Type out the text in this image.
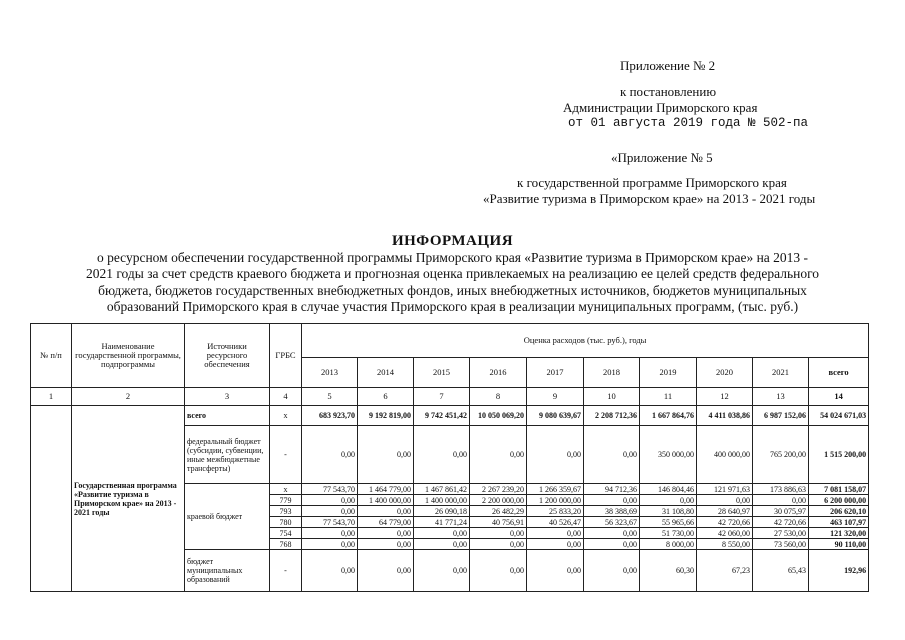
Приложение № 2
к постановлению
Администрации Приморского края
от 01 августа 2019 года № 502-па
«Приложение № 5
к государственной программе Приморского края
«Развитие туризма в Приморском крае» на 2013 - 2021 годы
ИНФОРМАЦИЯ
о ресурсном обеспечении государственной программы Приморского края «Развитие туризма в Приморском крае» на 2013 -
2021 годы за счет средств краевого бюджета и прогнозная оценка привлекаемых на реализацию ее целей средств федерального
бюджета, бюджетов государственных внебюджетных фондов, иных внебюджетных источников, бюджетов муниципальных
образований Приморского края в случае участия Приморского края в реализации муниципальных программ, (тыс. руб.)
№ п/п	Наименование государственной программы, подпрограммы	Источники ресурсного обеспечения	ГРБС	Оценка расходов (тыс. руб.), годы									
				2013	2014	2015	2016	2017	2018	2019	2020	2021	всего
1	2	3	4	5	6	7	8	9	10	11	12	13	14
	Государственная программа «Развитие туризма в Приморском крае» на 2013 - 2021 годы	всего	х	683 923,70	9 192 819,00	9 742 451,42	10 050 069,20	9 080 639,67	2 208 712,36	1 667 864,76	4 411 038,86	6 987 152,06	54 024 671,03
		федеральный бюджет (субсидии, субвенции, иные межбюджетные трансферты)	-	0,00	0,00	0,00	0,00	0,00	0,00	350 000,00	400 000,00	765 200,00	1 515 200,00
		краевой бюджет	х	77 543,70	1 464 779,00	1 467 861,42	2 267 239,20	1 266 359,67	94 712,36	146 804,46	121 971,63	173 886,63	7 081 158,07
			779	0,00	1 400 000,00	1 400 000,00	2 200 000,00	1 200 000,00	0,00	0,00	0,00	0,00	6 200 000,00
			793	0,00	0,00	26 090,18	26 482,29	25 833,20	38 388,69	31 108,80	28 640,97	30 075,97	206 620,10
			780	77 543,70	64 779,00	41 771,24	40 756,91	40 526,47	56 323,67	55 965,66	42 720,66	42 720,66	463 107,97
			754	0,00	0,00	0,00	0,00	0,00	0,00	51 730,00	42 060,00	27 530,00	121 320,00
			768	0,00	0,00	0,00	0,00	0,00	0,00	8 000,00	8 550,00	73 560,00	90 110,00
		бюджет муниципальных образований	-	0,00	0,00	0,00	0,00	0,00	0,00	60,30	67,23	65,43	192,96
